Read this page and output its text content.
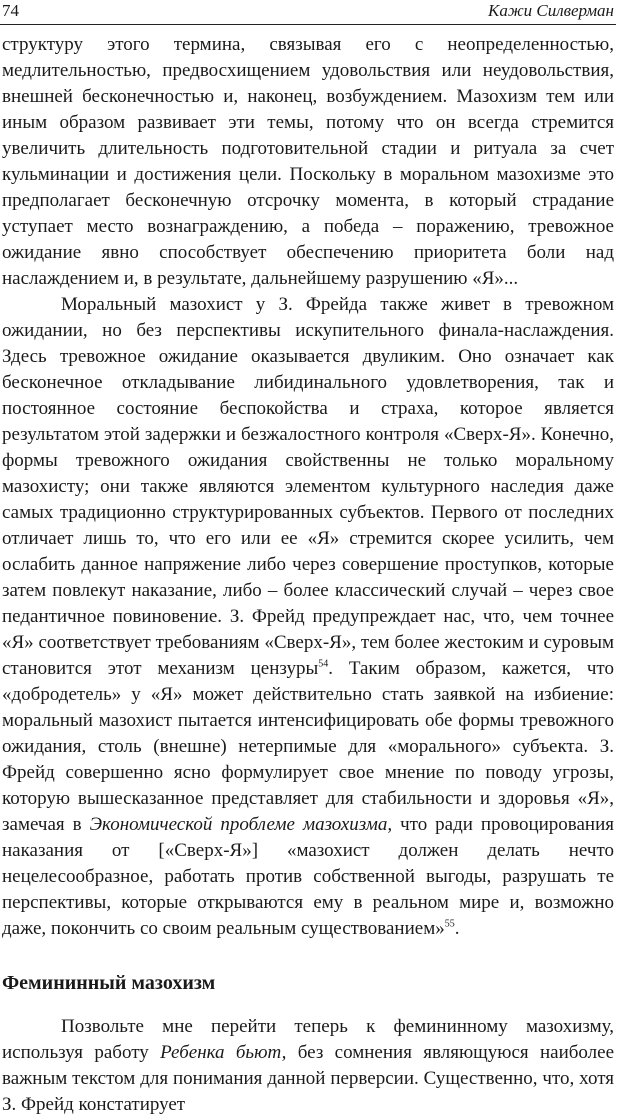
74	Кажи Силверман

структуру этого термина, связывая его с неопределенностью, медлительностью, предвосхищением удовольствия или неудовольствия, внешней бесконечностью и, наконец, возбуждением. Мазохизм тем или иным образом развивает эти темы, потому что он всегда стремится увеличить длительность подготовительной стадии и ритуала за счет кульминации и достижения цели. Поскольку в моральном мазохизме это предполагает бесконечную отсрочку момента, в который страдание уступает место вознаграждению, а победа – поражению, тревожное ожидание явно способствует обеспечению приоритета боли над наслаждением и, в результате, дальнейшему разрушению «Я»...

Моральный мазохист у З. Фрейда также живет в тревожном ожидании, но без перспективы искупительного финала-наслаждения. Здесь тревожное ожидание оказывается двуликим. Оно означает как бесконечное откладывание либидинального удовлетворения, так и постоянное состояние беспокойства и страха, которое является результатом этой задержки и безжалостного контроля «Сверх-Я». Конечно, формы тревожного ожидания свойственны не только моральному мазохисту; они также являются элементом культурного наследия даже самых традиционно структурированных субъектов. Первого от последних отличает лишь то, что его или ее «Я» стремится скорее усилить, чем ослабить данное напряжение либо через совершение проступков, которые затем повлекут наказание, либо – более классический случай – через свое педантичное повиновение. З. Фрейд предупреждает нас, что, чем точнее «Я» соответствует требованиям «Сверх-Я», тем более жестоким и суровым становится этот механизм цензуры$^{54}$. Таким образом, кажется, что «добродетель» у «Я» может действительно стать заявкой на избиение: моральный мазохист пытается интенсифицировать обе формы тревожного ожидания, столь (внешне) нетерпимые для «морального» субъекта. З. Фрейд совершенно ясно формулирует свое мнение по поводу угрозы, которую вышесказанное представляет для стабильности и здоровья «Я», замечая в Экономической проблеме мазохизма, что ради провоцирования наказания от [«Сверх-Я»] «мазохист должен делать нечто нецелесообразное, работать против собственной выгоды, разрушать те перспективы, которые открываются ему в реальном мире и, возможно даже, покончить со своим реальным существованием»$^{55}$.

Фемининный мазохизм

Позвольте мне перейти теперь к фемининному мазохизму, используя работу Ребенка бьют, без сомнения являющуюся наиболее важным текстом для понимания данной перверсии. Существенно, что, хотя З. Фрейд констатирует
